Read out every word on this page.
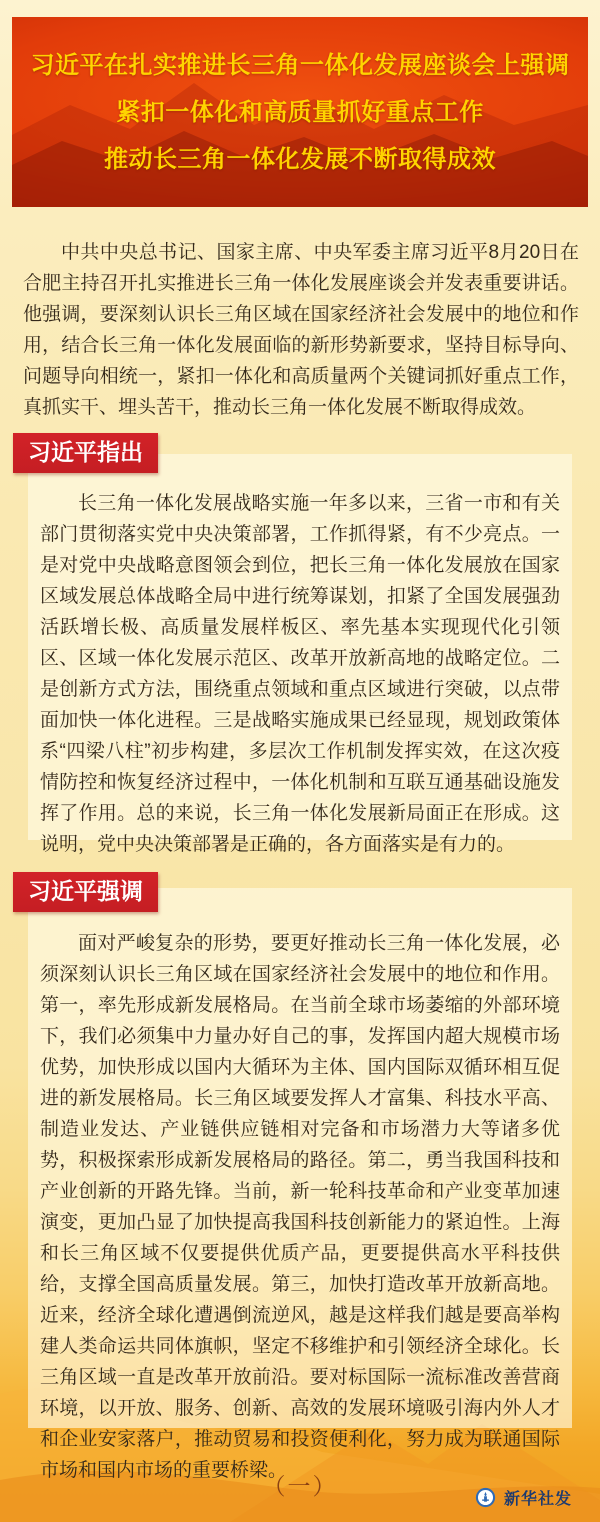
习近平在扎实推进长三角一体化发展座谈会上强调
紧扣一体化和高质量抓好重点工作
推动长三角一体化发展不断取得成效

中共中央总书记、国家主席、中央军委主席习近平8月20日在合肥主持召开扎实推进长三角一体化发展座谈会并发表重要讲话。他强调，要深刻认识长三角区域在国家经济社会发展中的地位和作用，结合长三角一体化发展面临的新形势新要求，坚持目标导向、问题导向相统一，紧扣一体化和高质量两个关键词抓好重点工作，真抓实干、埋头苦干，推动长三角一体化发展不断取得成效。

习近平指出

长三角一体化发展战略实施一年多以来，三省一市和有关部门贯彻落实党中央决策部署，工作抓得紧，有不少亮点。一是对党中央战略意图领会到位，把长三角一体化发展放在国家区域发展总体战略全局中进行统筹谋划，扣紧了全国发展强劲活跃增长极、高质量发展样板区、率先基本实现现代化引领区、区域一体化发展示范区、改革开放新高地的战略定位。二是创新方式方法，围绕重点领域和重点区域进行突破，以点带面加快一体化进程。三是战略实施成果已经显现，规划政策体系“四梁八柱”初步构建，多层次工作机制发挥实效，在这次疫情防控和恢复经济过程中，一体化机制和互联互通基础设施发挥了作用。总的来说，长三角一体化发展新局面正在形成。这说明，党中央决策部署是正确的，各方面落实是有力的。

习近平强调

面对严峻复杂的形势，要更好推动长三角一体化发展，必须深刻认识长三角区域在国家经济社会发展中的地位和作用。第一，率先形成新发展格局。在当前全球市场萎缩的外部环境下，我们必须集中力量办好自己的事，发挥国内超大规模市场优势，加快形成以国内大循环为主体、国内国际双循环相互促进的新发展格局。长三角区域要发挥人才富集、科技水平高、制造业发达、产业链供应链相对完备和市场潜力大等诸多优势，积极探索形成新发展格局的路径。第二，勇当我国科技和产业创新的开路先锋。当前，新一轮科技革命和产业变革加速演变，更加凸显了加快提高我国科技创新能力的紧迫性。上海和长三角区域不仅要提供优质产品，更要提供高水平科技供给，支撑全国高质量发展。第三，加快打造改革开放新高地。近来，经济全球化遭遇倒流逆风，越是这样我们越是要高举构建人类命运共同体旗帜，坚定不移维护和引领经济全球化。长三角区域一直是改革开放前沿。要对标国际一流标准改善营商环境，以开放、服务、创新、高效的发展环境吸引海内外人才和企业安家落户，推动贸易和投资便利化，努力成为联通国际市场和国内市场的重要桥梁。

（一）
新华社发
